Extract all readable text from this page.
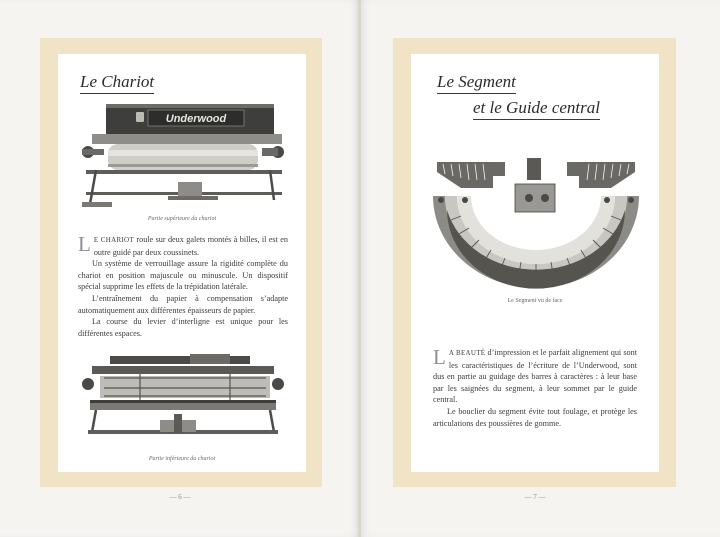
Le Chariot
Underwood
Partie supérieure du chariot

L E CHARIOT roule sur deux galets montés à billes, il est en outre guidé par deux coussinets.

Un système de verrouillage assure la rigidité complète du chariot en position majuscule ou minuscule. Un dispositif spécial supprime les effets de la trépidation latérale.

L’entraînement du papier à compensation s’adapte automatiquement aux différentes épaisseurs de papier.

La course du levier d’interligne est unique pour les différentes espaces.

Partie inférieure du chariot
— 6 —
Le Segment
et le Guide central
Le Segment vu de face

L A BEAUTÉ d’impression et le parfait alignement qui sont les caractéristiques de l’écriture de l’Underwood, sont dus en partie au guidage des barres à caractères : à leur base par les saignées du segment, à leur sommet par le guide central.

Le bouclier du segment évite tout foulage, et protège les articulations des poussières de gomme.

— 7 —
